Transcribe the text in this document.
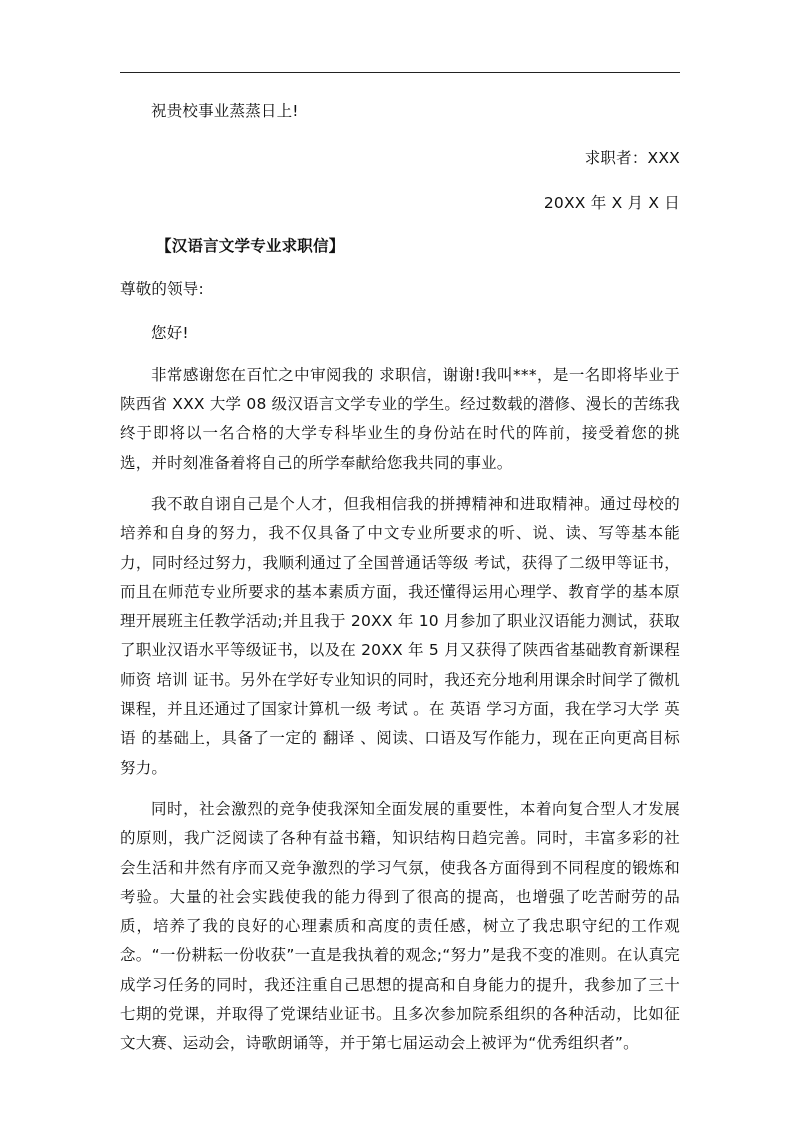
祝贵校事业蒸蒸日上!

求职者：XXX

20XX 年 X 月 X 日

【汉语言文学专业求职信】

尊敬的领导:

您好!

非常感谢您在百忙之中审阅我的 求职信，谢谢!我叫***，是一名即将毕业于陕西省 XXX 大学 08 级汉语言文学专业的学生。经过数载的潜修、漫长的苦练我终于即将以一名合格的大学专科毕业生的身份站在时代的阵前，接受着您的挑选，并时刻准备着将自己的所学奉献给您我共同的事业。

我不敢自诩自己是个人才，但我相信我的拼搏精神和进取精神。通过母校的培养和自身的努力，我不仅具备了中文专业所要求的听、说、读、写等基本能力，同时经过努力，我顺利通过了全国普通话等级 考试，获得了二级甲等证书，而且在师范专业所要求的基本素质方面，我还懂得运用心理学、教育学的基本原理开展班主任教学活动;并且我于 20XX 年 10 月参加了职业汉语能力测试，获取了职业汉语水平等级证书，以及在 20XX 年 5 月又获得了陕西省基础教育新课程师资 培训 证书。另外在学好专业知识的同时，我还充分地利用课余时间学了微机课程，并且还通过了国家计算机一级 考试 。在 英语 学习方面，我在学习大学 英语 的基础上，具备了一定的 翻译 、阅读、口语及写作能力，现在正向更高目标努力。

同时，社会激烈的竞争使我深知全面发展的重要性，本着向复合型人才发展的原则，我广泛阅读了各种有益书籍，知识结构日趋完善。同时，丰富多彩的社会生活和井然有序而又竞争激烈的学习气氛，使我各方面得到不同程度的锻炼和考验。大量的社会实践使我的能力得到了很高的提高，也增强了吃苦耐劳的品质，培养了我的良好的心理素质和高度的责任感，树立了我忠职守纪的工作观念。“一份耕耘一份收获”一直是我执着的观念;“努力”是我不变的准则。在认真完成学习任务的同时，我还注重自己思想的提高和自身能力的提升，我参加了三十七期的党课，并取得了党课结业证书。且多次参加院系组织的各种活动，比如征文大赛、运动会，诗歌朗诵等，并于第七届运动会上被评为“优秀组织者”。
